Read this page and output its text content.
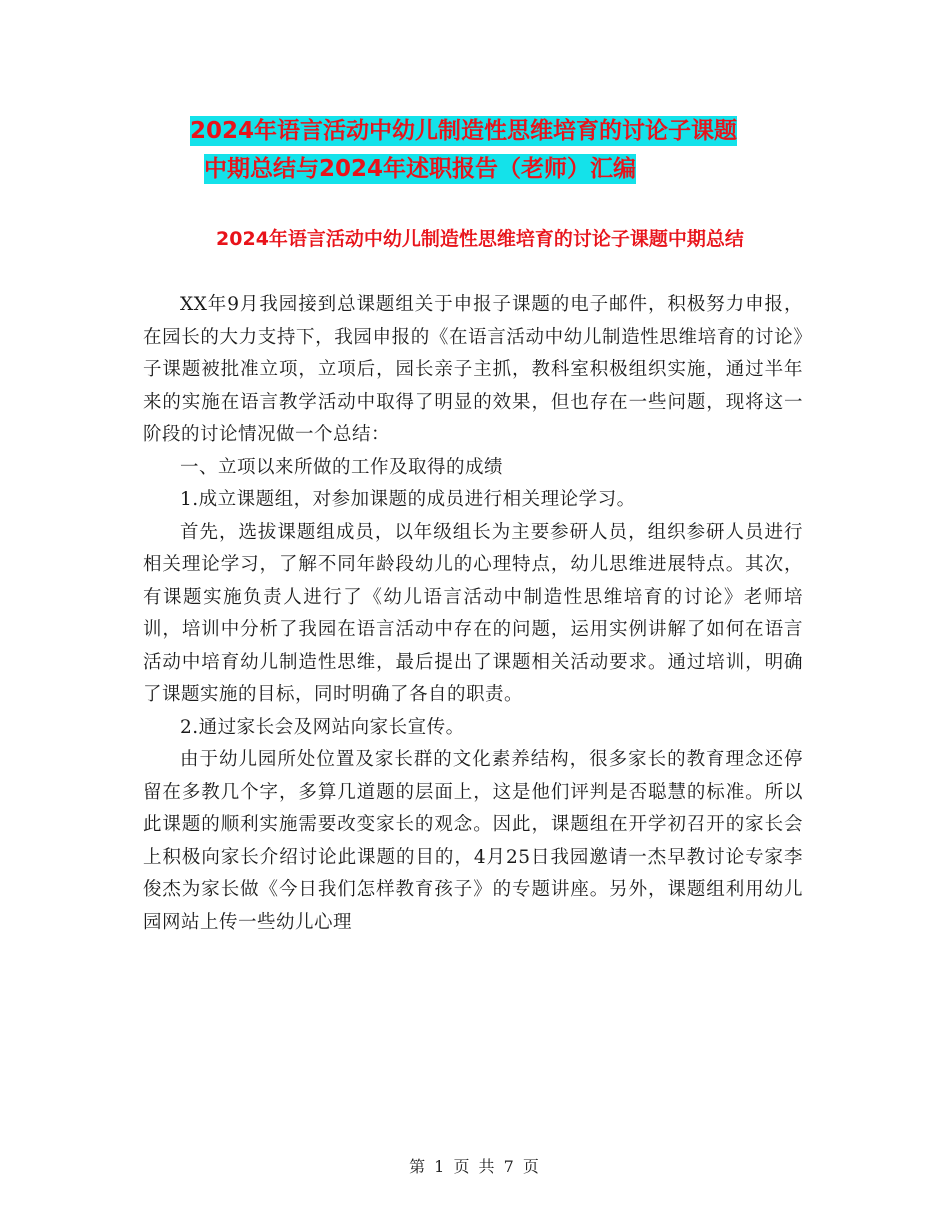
2024年语言活动中幼儿制造性思维培育的讨论子课题
中期总结与2024年述职报告（老师）汇编
2024年语言活动中幼儿制造性思维培育的讨论子课题中期总结

XX年9月我园接到总课题组关于申报子课题的电子邮件，积极努力申报，在园长的大力支持下，我园申报的《在语言活动中幼儿制造性思维培育的讨论》子课题被批准立项，立项后，园长亲子主抓，教科室积极组织实施，通过半年来的实施在语言教学活动中取得了明显的效果，但也存在一些问题，现将这一阶段的讨论情况做一个总结：

一、立项以来所做的工作及取得的成绩

1.成立课题组，对参加课题的成员进行相关理论学习。

首先，选拔课题组成员，以年级组长为主要参研人员，组织参研人员进行相关理论学习，了解不同年龄段幼儿的心理特点，幼儿思维进展特点。其次，有课题实施负责人进行了《幼儿语言活动中制造性思维培育的讨论》老师培训，培训中分析了我园在语言活动中存在的问题，运用实例讲解了如何在语言活动中培育幼儿制造性思维，最后提出了课题相关活动要求。通过培训，明确了课题实施的目标，同时明确了各自的职责。

2.通过家长会及网站向家长宣传。

由于幼儿园所处位置及家长群的文化素养结构，很多家长的教育理念还停留在多教几个字，多算几道题的层面上，这是他们评判是否聪慧的标准。所以此课题的顺利实施需要改变家长的观念。因此，课题组在开学初召开的家长会上积极向家长介绍讨论此课题的目的，4月25日我园邀请一杰早教讨论专家李俊杰为家长做《今日我们怎样教育孩子》的专题讲座。另外，课题组利用幼儿园网站上传一些幼儿心理

第 1 页 共 7 页
